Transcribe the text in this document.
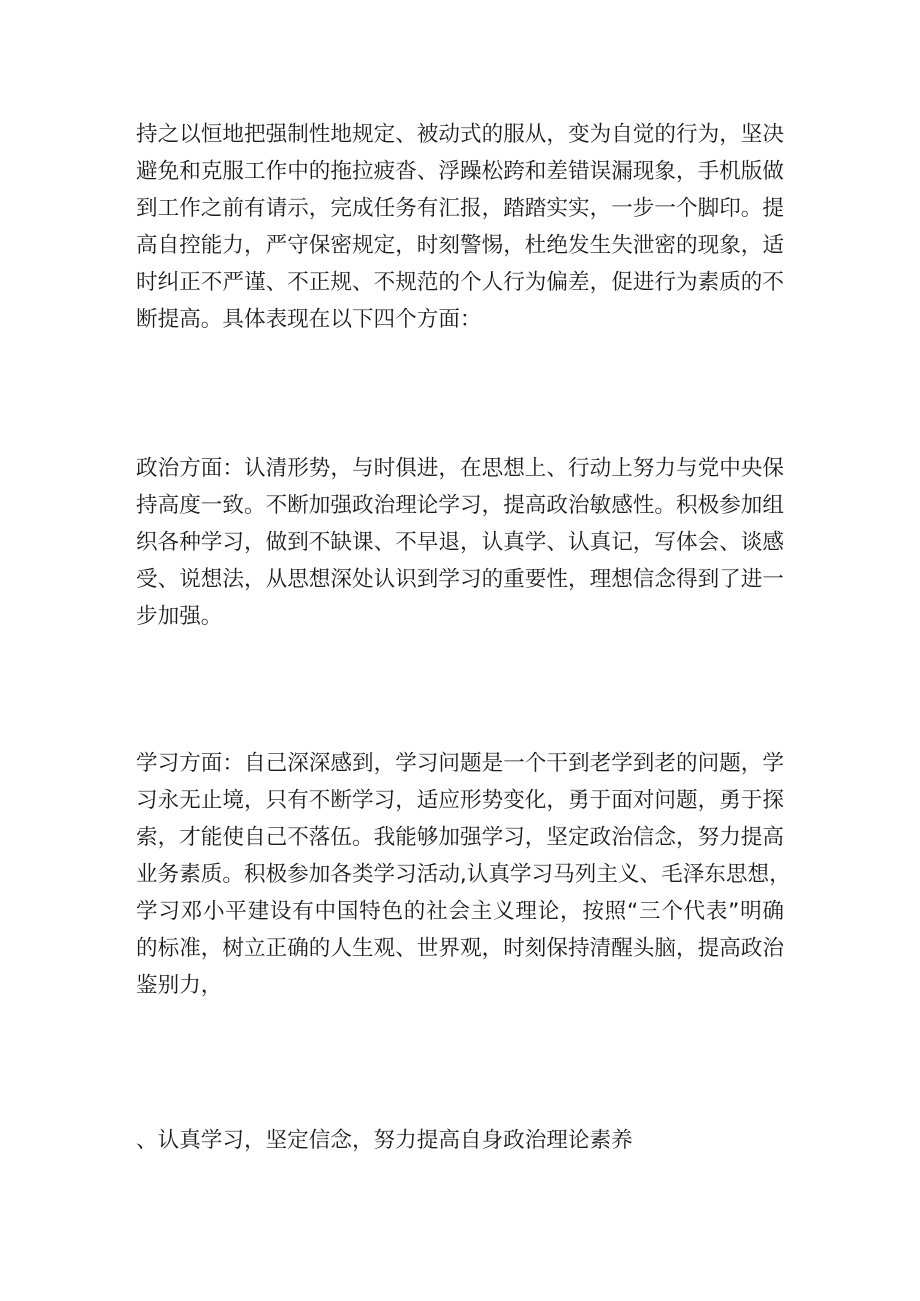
持之以恒地把强制性地规定、被动式的服从，变为自觉的行为，坚决
避免和克服工作中的拖拉疲沓、浮躁松跨和差错误漏现象，手机版做
到工作之前有请示，完成任务有汇报，踏踏实实，一步一个脚印。提
高自控能力，严守保密规定，时刻警惕，杜绝发生失泄密的现象，适
时纠正不严谨、不正规、不规范的个人行为偏差，促进行为素质的不
断提高。具体表现在以下四个方面：

政治方面：认清形势，与时俱进，在思想上、行动上努力与党中央保
持高度一致。不断加强政治理论学习，提高政治敏感性。积极参加组
织各种学习，做到不缺课、不早退，认真学、认真记，写体会、谈感
受、说想法，从思想深处认识到学习的重要性，理想信念得到了进一
步加强。

学习方面：自己深深感到，学习问题是一个干到老学到老的问题，学
习永无止境，只有不断学习，适应形势变化，勇于面对问题，勇于探
索，才能使自己不落伍。我能够加强学习，坚定政治信念，努力提高
业务素质。积极参加各类学习活动,认真学习马列主义、毛泽东思想，
学习邓小平建设有中国特色的社会主义理论，按照“三个代表”明确
的标准，树立正确的人生观、世界观，时刻保持清醒头脑，提高政治
鉴别力，

、认真学习，坚定信念，努力提高自身政治理论素养
